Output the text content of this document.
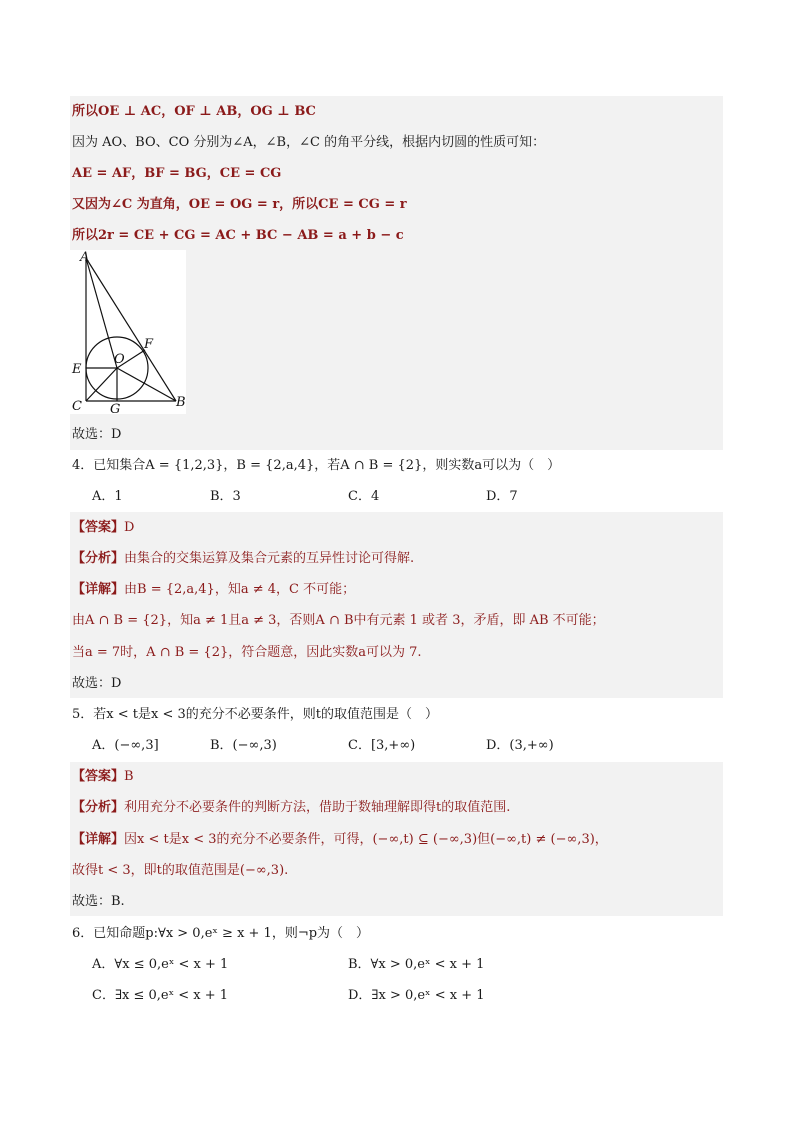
所以OE ⊥ AC，OF ⊥ AB，OG ⊥ BC
因为 AO、BO、CO 分别为∠A，∠B，∠C 的角平分线，根据内切圆的性质可知：
AE = AF，BF = BG，CE = CG
又因为∠C 为直角，OE = OG = r，所以CE = CG = r
所以2r = CE + CG = AC + BC − AB = a + b − c
A
F
O
E
C G	B
故选：D
4．已知集合A = {1,2,3}，B = {2,a,4}，若A ∩ B = {2}，则实数a可以为（　）
A．1	B．3	C．4	D．7
【答案】D
【分析】由集合的交集运算及集合元素的互异性讨论可得解.
【详解】由B = {2,a,4}，知a ≠ 4，C 不可能；
由A ∩ B = {2}，知a ≠ 1且a ≠ 3，否则A ∩ B中有元素 1 或者 3，矛盾，即 AB 不可能；
当a = 7时，A ∩ B = {2}，符合题意，因此实数a可以为 7.
故选：D
5．若x < t是x < 3的充分不必要条件，则t的取值范围是（　）
A．(−∞,3]	B．(−∞,3)	C．[3,+∞)	D．(3,+∞)
【答案】B
【分析】利用充分不必要条件的判断方法，借助于数轴理解即得t的取值范围.
【详解】因x < t是x < 3的充分不必要条件，可得，(−∞,t) ⊆ (−∞,3)但(−∞,t) ≠ (−∞,3)，
故得t < 3，即t的取值范围是(−∞,3).
故选：B.
6．已知命题p:∀x > 0,eˣ ≥ x + 1，则¬p为（　）
A．∀x ≤ 0,eˣ < x + 1	B．∀x > 0,eˣ < x + 1
C．∃x ≤ 0,eˣ < x + 1	D．∃x > 0,eˣ < x + 1
